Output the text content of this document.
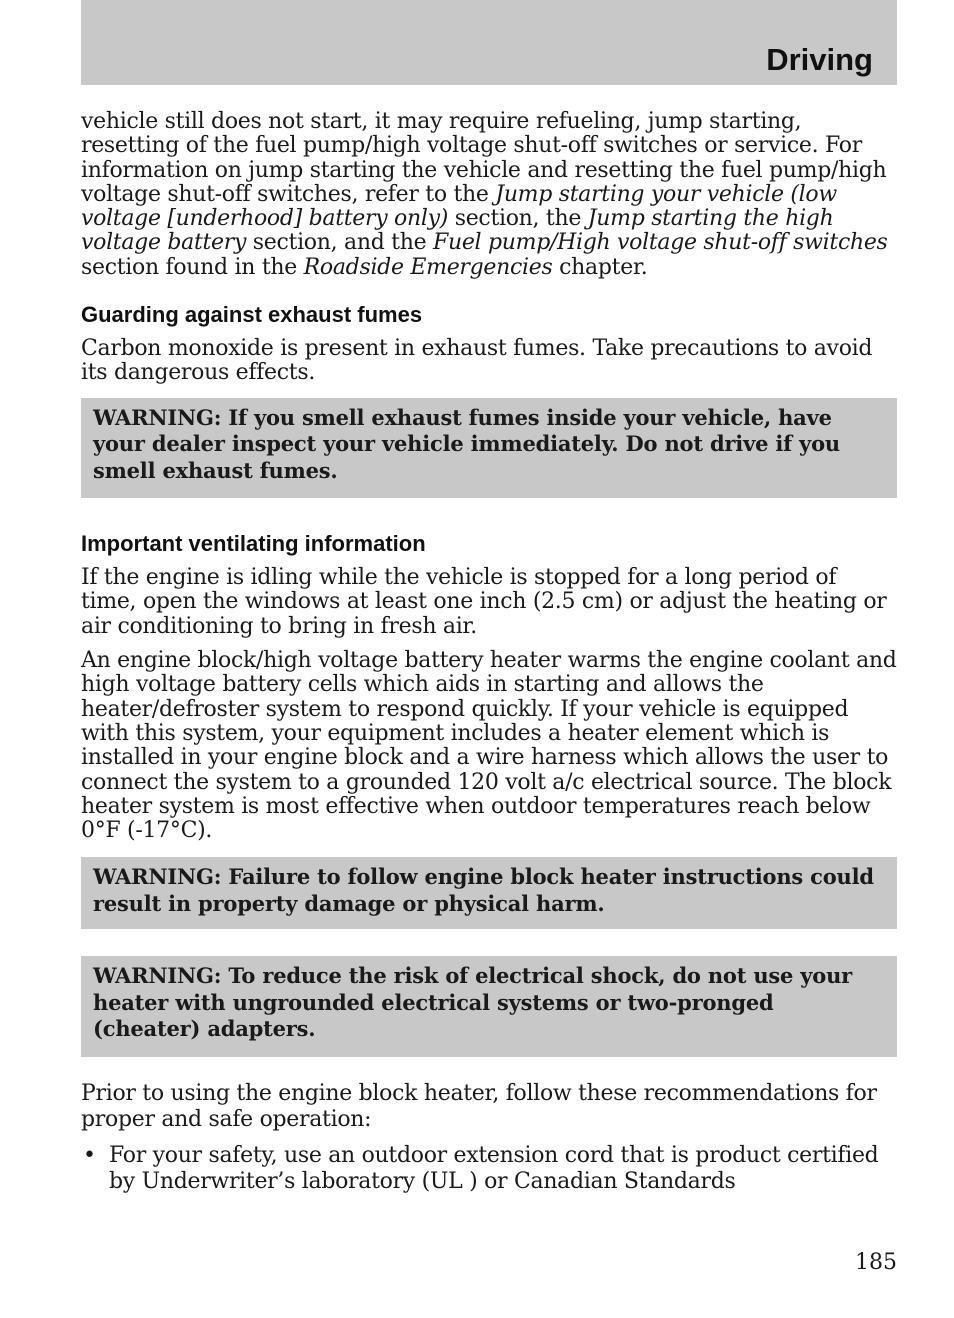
Driving

vehicle still does not start, it may require refueling, jump starting, resetting of the fuel pump/high voltage shut-off switches or service. For information on jump starting the vehicle and resetting the fuel pump/high voltage shut-off switches, refer to the Jump starting your vehicle (low voltage [underhood] battery only) section, the Jump starting the high voltage battery section, and the Fuel pump/High voltage shut-off switches section found in the Roadside Emergencies chapter.

Guarding against exhaust fumes

Carbon monoxide is present in exhaust fumes. Take precautions to avoid its dangerous effects.

WARNING: If you smell exhaust fumes inside your vehicle, have your dealer inspect your vehicle immediately. Do not drive if you smell exhaust fumes.
Important ventilating information

If the engine is idling while the vehicle is stopped for a long period of time, open the windows at least one inch (2.5 cm) or adjust the heating or air conditioning to bring in fresh air.

An engine block/high voltage battery heater warms the engine coolant and high voltage battery cells which aids in starting and allows the heater/defroster system to respond quickly. If your vehicle is equipped with this system, your equipment includes a heater element which is installed in your engine block and a wire harness which allows the user to connect the system to a grounded 120 volt a/c electrical source. The block heater system is most effective when outdoor temperatures reach below 0°F (-17°C).

WARNING: Failure to follow engine block heater instructions could result in property damage or physical harm.
WARNING: To reduce the risk of electrical shock, do not use your heater with ungrounded electrical systems or two-pronged (cheater) adapters.

Prior to using the engine block heater, follow these recommendations for proper and safe operation:

• For your safety, use an outdoor extension cord that is product certified by Underwriter’s laboratory (UL ) or Canadian Standards
185
